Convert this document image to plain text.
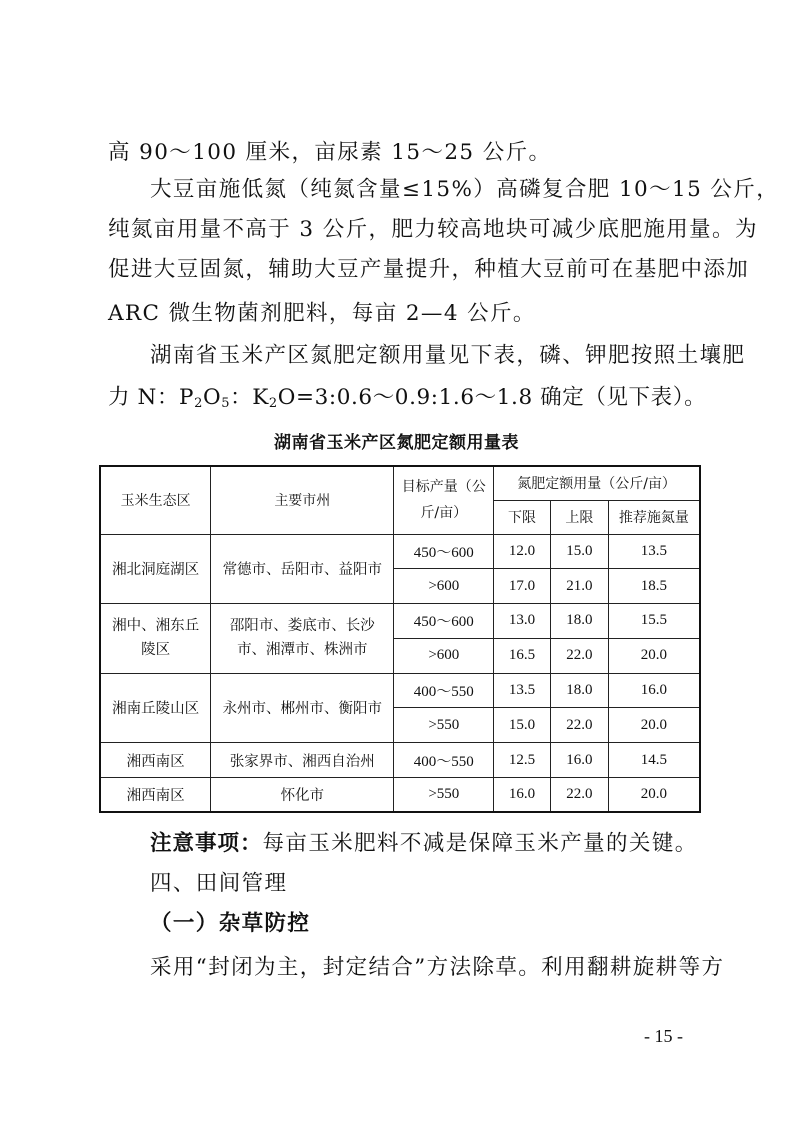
高 90～100 厘米，亩尿素 15～25 公斤。
大豆亩施低氮（纯氮含量≤15%）高磷复合肥 10～15 公斤，
纯氮亩用量不高于 3 公斤，肥力较高地块可减少底肥施用量。为
促进大豆固氮，辅助大豆产量提升，种植大豆前可在基肥中添加
ARC 微生物菌剂肥料，每亩 2—4 公斤。
湖南省玉米产区氮肥定额用量见下表，磷、钾肥按照土壤肥
力 N：$P_2O_5$：$K_2O=3:0.6\sim 0.9:1.6\sim 1.8$ 确定（见下表）。
湖南省玉米产区氮肥定额用量表
玉米生态区	主要市州	目标产量（公斤/亩）	氮肥定额用量（公斤/亩）		
			下限	上限	推荐施氮量
湘北洞庭湖区	常德市、岳阳市、益阳市	450～600	12.0	15.0	13.5
		>600	17.0	21.0	18.5
湘中、湘东丘陵区	邵阳市、娄底市、长沙市、湘潭市、株洲市	450～600	13.0	18.0	15.5
		>600	16.5	22.0	20.0
湘南丘陵山区	永州市、郴州市、衡阳市	400～550	13.5	18.0	16.0
		>550	15.0	22.0	20.0
湘西南区	张家界市、湘西自治州	400～550	12.5	16.0	14.5
湘西南区	怀化市	>550	16.0	22.0	20.0
注意事项：每亩玉米肥料不减是保障玉米产量的关键。
四、田间管理
（一）杂草防控
采用“封闭为主，封定结合”方法除草。利用翻耕旋耕等方
- 15 -
